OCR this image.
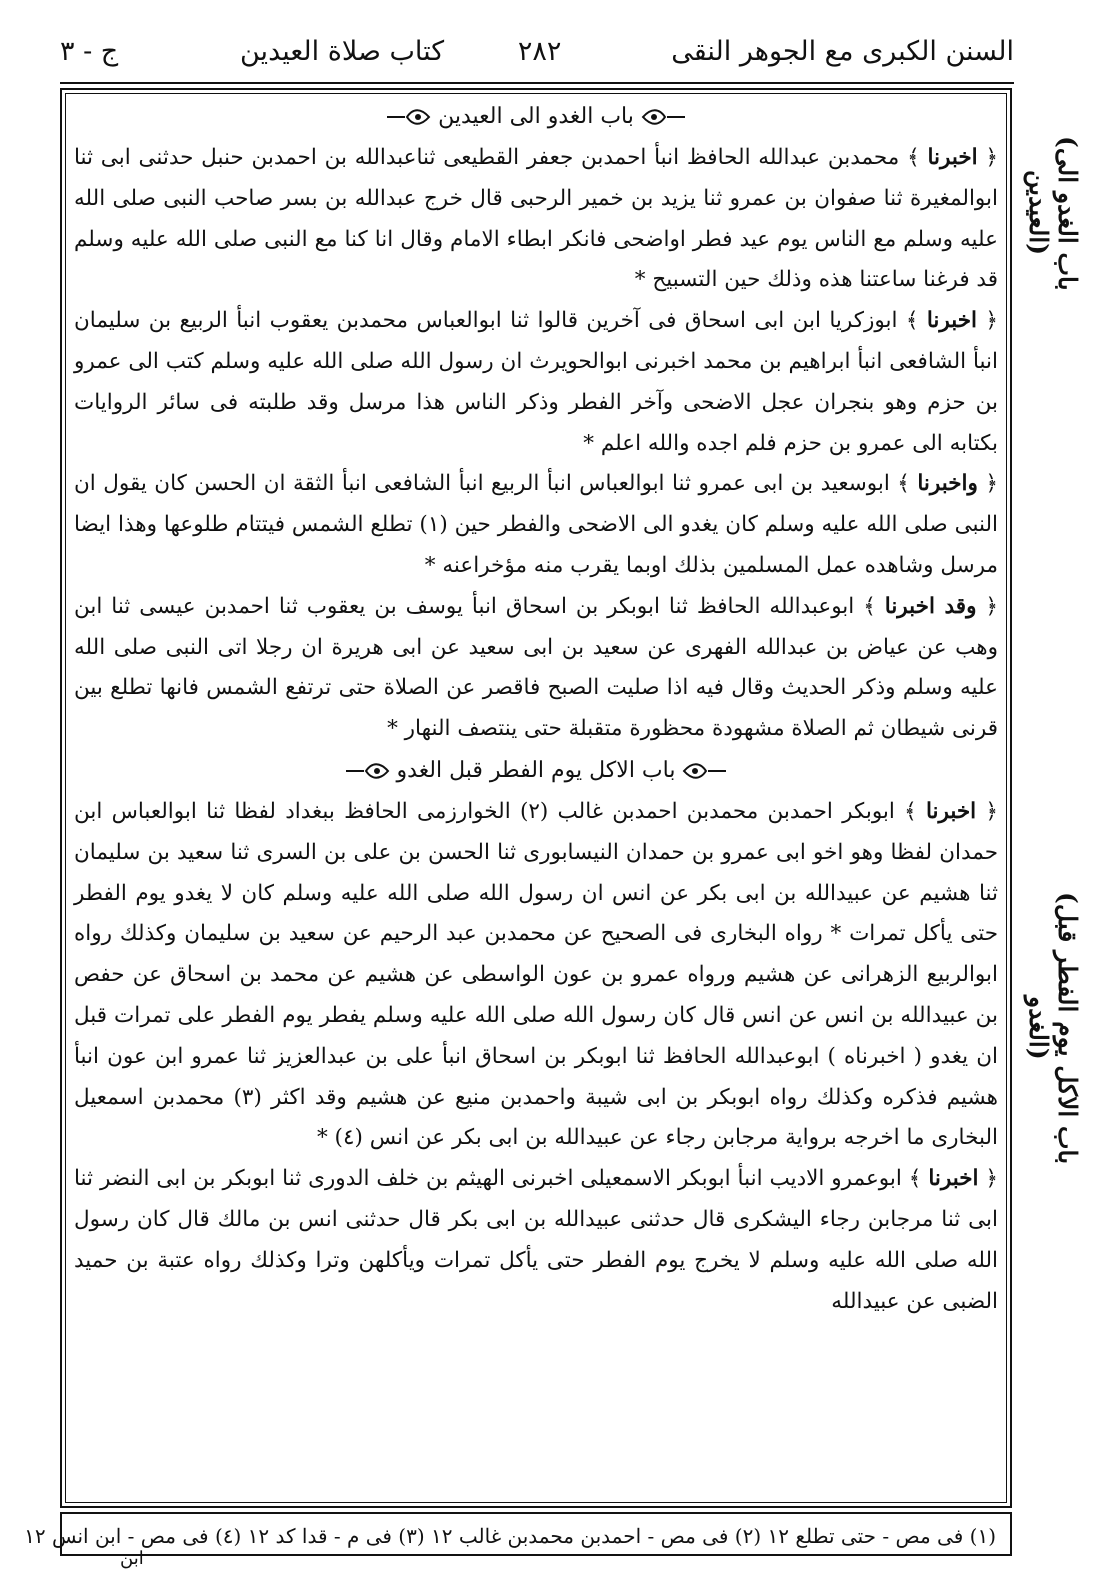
السنن الكبرى مع الجوهر النقى
٢٨٢
كتاب صلاة العيدين
ج - ٣
(باب الغدو الى العيدين)
(باب الاكل يوم الفطر قبل الغدو)

باب الغدو الى العيدين

﴿ اخبرنا ﴾ محمدبن عبدالله الحافظ انبأ احمدبن جعفر القطيعى ثناعبدالله بن احمدبن حنبل حدثنى ابى ثنا ابوالمغيرة ثنا صفوان بن عمرو ثنا يزيد بن خمير الرحبى قال خرج عبدالله بن بسر صاحب النبى صلى الله عليه وسلم مع الناس يوم عيد فطر اواضحى فانكر ابطاء الامام وقال انا كنا مع النبى صلى الله عليه وسلم قد فرغنا ساعتنا هذه وذلك حين التسبيح *

﴿ اخبرنا ﴾ ابوزكريا ابن ابى اسحاق فى آخرين قالوا ثنا ابوالعباس محمدبن يعقوب انبأ الربيع بن سليمان انبأ الشافعى انبأ ابراهيم بن محمد اخبرنى ابوالحويرث ان رسول الله صلى الله عليه وسلم كتب الى عمرو بن حزم وهو بنجران عجل الاضحى وآخر الفطر وذكر الناس هذا مرسل وقد طلبته فى سائر الروايات بكتابه الى عمرو بن حزم فلم اجده والله اعلم *

﴿ واخبرنا ﴾ ابوسعيد بن ابى عمرو ثنا ابوالعباس انبأ الربيع انبأ الشافعى انبأ الثقة ان الحسن كان يقول ان النبى صلى الله عليه وسلم كان يغدو الى الاضحى والفطر حين (١) تطلع الشمس فيتتام طلوعها وهذا ايضا مرسل وشاهده عمل المسلمين بذلك اوبما يقرب منه مؤخراعنه *

﴿ وقد اخبرنا ﴾ ابوعبدالله الحافظ ثنا ابوبكر بن اسحاق انبأ يوسف بن يعقوب ثنا احمدبن عيسى ثنا ابن وهب عن عياض بن عبدالله الفهرى عن سعيد بن ابى سعيد عن ابى هريرة ان رجلا اتى النبى صلى الله عليه وسلم وذكر الحديث وقال فيه اذا صليت الصبح فاقصر عن الصلاة حتى ترتفع الشمس فانها تطلع بين قرنى شيطان ثم الصلاة مشهودة محظورة متقبلة حتى ينتصف النهار *

باب الاكل يوم الفطر قبل الغدو

﴿ اخبرنا ﴾ ابوبكر احمدبن محمدبن احمدبن غالب (٢) الخوارزمى الحافظ ببغداد لفظا ثنا ابوالعباس ابن حمدان لفظا وهو اخو ابى عمرو بن حمدان النيسابورى ثنا الحسن بن على بن السرى ثنا سعيد بن سليمان ثنا هشيم عن عبيدالله بن ابى بكر عن انس ان رسول الله صلى الله عليه وسلم كان لا يغدو يوم الفطر حتى يأكل تمرات * رواه البخارى فى الصحيح عن محمدبن عبد الرحيم عن سعيد بن سليمان وكذلك رواه ابوالربيع الزهرانى عن هشيم ورواه عمرو بن عون الواسطى عن هشيم عن محمد بن اسحاق عن حفص بن عبيدالله بن انس عن انس قال كان رسول الله صلى الله عليه وسلم يفطر يوم الفطر على تمرات قبل ان يغدو ( اخبرناه ) ابوعبدالله الحافظ ثنا ابوبكر بن اسحاق انبأ على بن عبدالعزيز ثنا عمرو ابن عون انبأ هشيم فذكره وكذلك رواه ابوبكر بن ابى شيبة واحمدبن منيع عن هشيم وقد اكثر (٣) محمدبن اسمعيل البخارى ما اخرجه برواية مرجابن رجاء عن عبيدالله بن ابى بكر عن انس (٤) *

﴿ اخبرنا ﴾ ابوعمرو الاديب انبأ ابوبكر الاسمعيلى اخبرنى الهيثم بن خلف الدورى ثنا ابوبكر بن ابى النضر ثنا ابى ثنا مرجابن رجاء اليشكرى قال حدثنى عبيدالله بن ابى بكر قال حدثنى انس بن مالك قال كان رسول الله صلى الله عليه وسلم لا يخرج يوم الفطر حتى يأكل تمرات ويأكلهن وترا وكذلك رواه عتبة بن حميد الضبى عن عبيدالله

(١) فى مص - حتى تطلع ١٢ (٢) فى مص - احمدبن محمدبن غالب ١٢ (٣) فى م - قدا كد ١٢ (٤) فى مص - ابن انس ١٢
ابن
